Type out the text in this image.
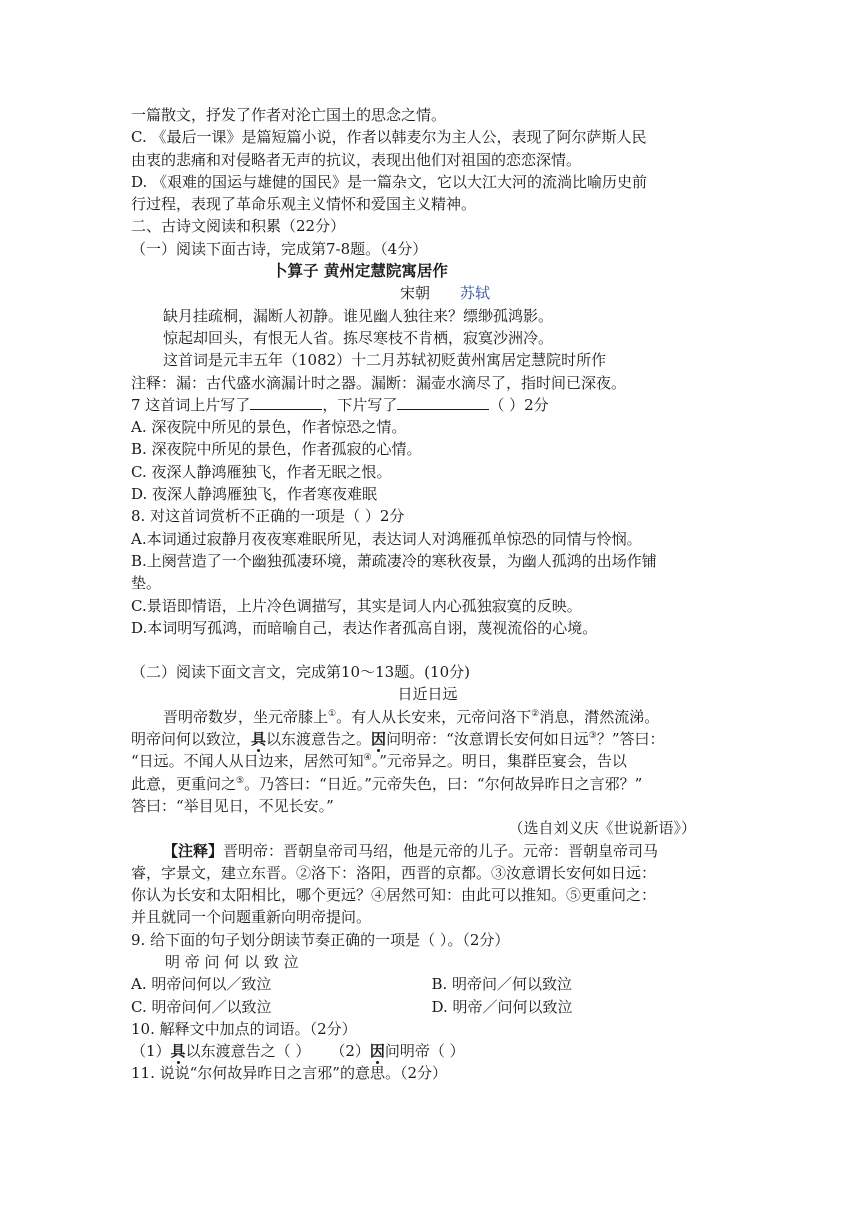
一篇散文，抒发了作者对沦亡国土的思念之情。
C. 《最后一课》是篇短篇小说，作者以韩麦尔为主人公，表现了阿尔萨斯人民
由衷的悲痛和对侵略者无声的抗议，表现出他们对祖国的恋恋深情。
D. 《艰难的国运与雄健的国民》是一篇杂文，它以大江大河的流淌比喻历史前
行过程，表现了革命乐观主义情怀和爱国主义精神。
二、古诗文阅读和积累（22分）
（一）阅读下面古诗，完成第7-8题。（4分）
卜算子 黄州定慧院寓居作
宋朝 苏轼
缺月挂疏桐，漏断人初静。谁见幽人独往来？缥缈孤鸿影。
惊起却回头，有恨无人省。拣尽寒枝不肯栖，寂寞沙洲冷。
这首词是元丰五年（1082）十二月苏轼初贬黄州寓居定慧院时所作
注释：漏：古代盛水滴漏计时之器。漏断：漏壶水滴尽了，指时间已深夜。
7 这首词上片写了	，下片写了	（ ）2分
A. 深夜院中所见的景色，作者惊恐之情。
B. 深夜院中所见的景色，作者孤寂的心情。
C. 夜深人静鸿雁独飞，作者无眠之恨。
D. 夜深人静鸿雁独飞，作者寒夜难眠
8. 对这首词赏析不正确的一项是（ ）2分
A.本词通过寂静月夜夜寒难眠所见，表达词人对鸿雁孤单惊恐的同情与怜悯。
B.上阕营造了一个幽独孤凄环境，萧疏凄冷的寒秋夜景，为幽人孤鸿的出场作铺
垫。
C.景语即情语，上片冷色调描写，其实是词人内心孤独寂寞的反映。
D.本词明写孤鸿，而暗喻自己，表达作者孤高自诩，蔑视流俗的心境。
（二）阅读下面文言文，完成第10～13题。(10分)
日近日远
晋明帝数岁，坐元帝膝上①。有人从长安来，元帝问洛下②消息，潸然流涕。
明帝问何以致泣，具以东渡意告之。因问明帝：“汝意谓长安何如日远③？”答曰：
“日远。不闻人从日边来，居然可知④。”元帝异之。明日，集群臣宴会，告以
此意，更重问之⑤。乃答曰：“日近。”元帝失色，曰：“尔何故异昨日之言邪？”
答曰：“举目见日，不见长安。”
（选自刘义庆《世说新语》）
【注释】晋明帝：晋朝皇帝司马绍，他是元帝的儿子。元帝：晋朝皇帝司马
睿，字景文，建立东晋。②洛下：洛阳，西晋的京都。③汝意谓长安何如日远：
你认为长安和太阳相比，哪个更远？④居然可知：由此可以推知。⑤更重问之：
并且就同一个问题重新向明帝提问。
9. 给下面的句子划分朗读节奏正确的一项是（ ）。（2分）
明 帝 问 何 以 致 泣
A. 明帝问何以／致泣	B. 明帝问／何以致泣
C. 明帝问何／以致泣	D. 明帝／问何以致泣
10. 解释文中加点的词语。（2分）
（1）具以东渡意告之（ ） （2）因问明帝（ ）
11. 说说“尔何故异昨日之言邪”的意思。（2分）
